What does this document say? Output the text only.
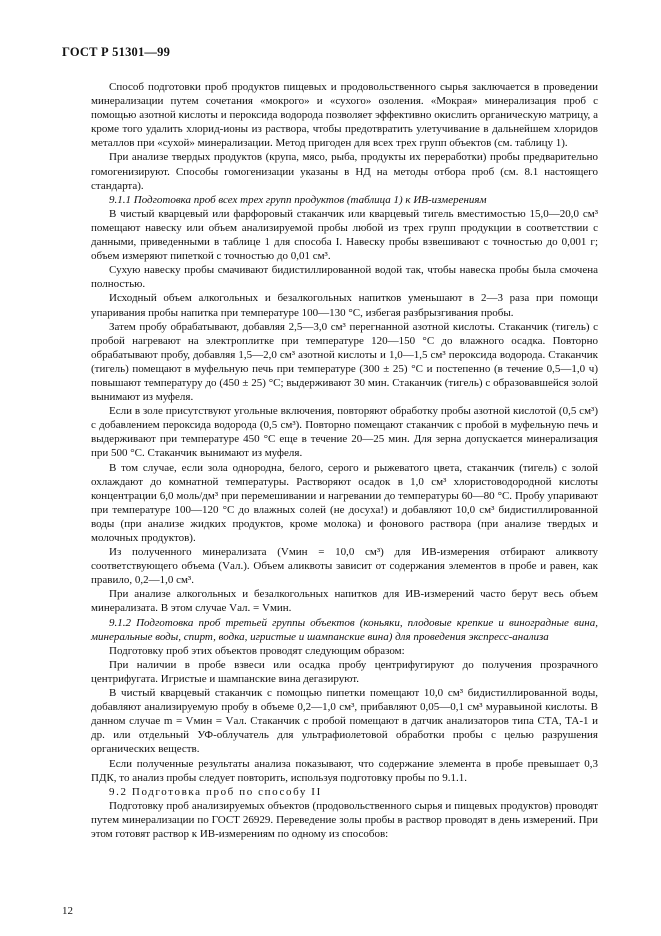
ГОСТ Р 51301—99

Способ подготовки проб продуктов пищевых и продовольственного сырья заключается в проведении минерализации путем сочетания «мокрого» и «сухого» озоления. «Мокрая» минерализация проб с помощью азотной кислоты и пероксида водорода позволяет эффективно окислить органическую матрицу, а кроме того удалить хлорид-ионы из раствора, чтобы предотвратить улетучивание в дальнейшем хлоридов металлов при «сухой» минерализации. Метод пригоден для всех трех групп объектов (см. таблицу 1).

При анализе твердых продуктов (крупа, мясо, рыба, продукты их переработки) пробы предварительно гомогенизируют. Способы гомогенизации указаны в НД на методы отбора проб (см. 8.1 настоящего стандарта).

9.1.1 Подготовка проб всех трех групп продуктов (таблица 1) к ИВ-измерениям

В чистый кварцевый или фарфоровый стаканчик или кварцевый тигель вместимостью 15,0—20,0 см³ помещают навеску или объем анализируемой пробы любой из трех групп продукции в соответствии с данными, приведенными в таблице 1 для способа I. Навеску пробы взвешивают с точностью до 0,001 г; объем измеряют пипеткой с точностью до 0,01 см³.

Сухую навеску пробы смачивают бидистиллированной водой так, чтобы навеска пробы была смочена полностью.

Исходный объем алкогольных и безалкогольных напитков уменьшают в 2—3 раза при помощи упаривания пробы напитка при температуре 100—130 °С, избегая разбрызгивания пробы.

Затем пробу обрабатывают, добавляя 2,5—3,0 см³ перегнанной азотной кислоты. Стаканчик (тигель) с пробой нагревают на электроплитке при температуре 120—150 °С до влажного осадка. Повторно обрабатывают пробу, добавляя 1,5—2,0 см³ азотной кислоты и 1,0—1,5 см³ пероксида водорода. Стаканчик (тигель) помещают в муфельную печь при температуре (300 ± 25) °С и постепенно (в течение 0,5—1,0 ч) повышают температуру до (450 ± 25) °С; выдерживают 30 мин. Стаканчик (тигель) с образовавшейся золой вынимают из муфеля.

Если в золе присутствуют угольные включения, повторяют обработку пробы азотной кислотой (0,5 см³) с добавлением пероксида водорода (0,5 см³). Повторно помещают стаканчик с пробой в муфельную печь и выдерживают при температуре 450 °С еще в течение 20—25 мин. Для зерна допускается минерализация при 500 °С. Стаканчик вынимают из муфеля.

В том случае, если зола однородна, белого, серого и рыжеватого цвета, стаканчик (тигель) с золой охлаждают до комнатной температуры. Растворяют осадок в 1,0 см³ хлористоводородной кислоты концентрации 6,0 моль/дм³ при перемешивании и нагревании до температуры 60—80 °С. Пробу упаривают при температуре 100—120 °С до влажных солей (не досуха!) и добавляют 10,0 см³ бидистиллированной воды (при анализе жидких продуктов, кроме молока) и фонового раствора (при анализе твердых и молочных продуктов).

Из полученного минерализата (Vмин = 10,0 см³) для ИВ-измерения отбирают аликвоту соответствующего объема (Vал.). Объем аликвоты зависит от содержания элементов в пробе и равен, как правило, 0,2—1,0 см³.

При анализе алкогольных и безалкогольных напитков для ИВ-измерений часто берут весь объем минерализата. В этом случае Vал. = Vмин.

9.1.2 Подготовка проб третьей группы объектов (коньяки, плодовые крепкие и виноградные вина, минеральные воды, спирт, водка, игристые и шампанские вина) для проведения экспресс-анализа

Подготовку проб этих объектов проводят следующим образом:

При наличии в пробе взвеси или осадка пробу центрифугируют до получения прозрачного центрифугата. Игристые и шампанские вина дегазируют.

В чистый кварцевый стаканчик с помощью пипетки помещают 10,0 см³ бидистиллированной воды, добавляют анализируемую пробу в объеме 0,2—1,0 см³, прибавляют 0,05—0,1 см³ муравьиной кислоты. В данном случае m = Vмин = Vал. Стаканчик с пробой помещают в датчик анализаторов типа СТА, ТА-1 и др. или отдельный УФ-облучатель для ультрафиолетовой обработки пробы с целью разрушения органических веществ.

Если полученные результаты анализа показывают, что содержание элемента в пробе превышает 0,3 ПДК, то анализ пробы следует повторить, используя подготовку пробы по 9.1.1.

9.2 Подготовка проб по способу II

Подготовку проб анализируемых объектов (продовольственного сырья и пищевых продуктов) проводят путем минерализации по ГОСТ 26929. Переведение золы пробы в раствор проводят в день измерений. При этом готовят раствор к ИВ-измерениям по одному из способов:

12
